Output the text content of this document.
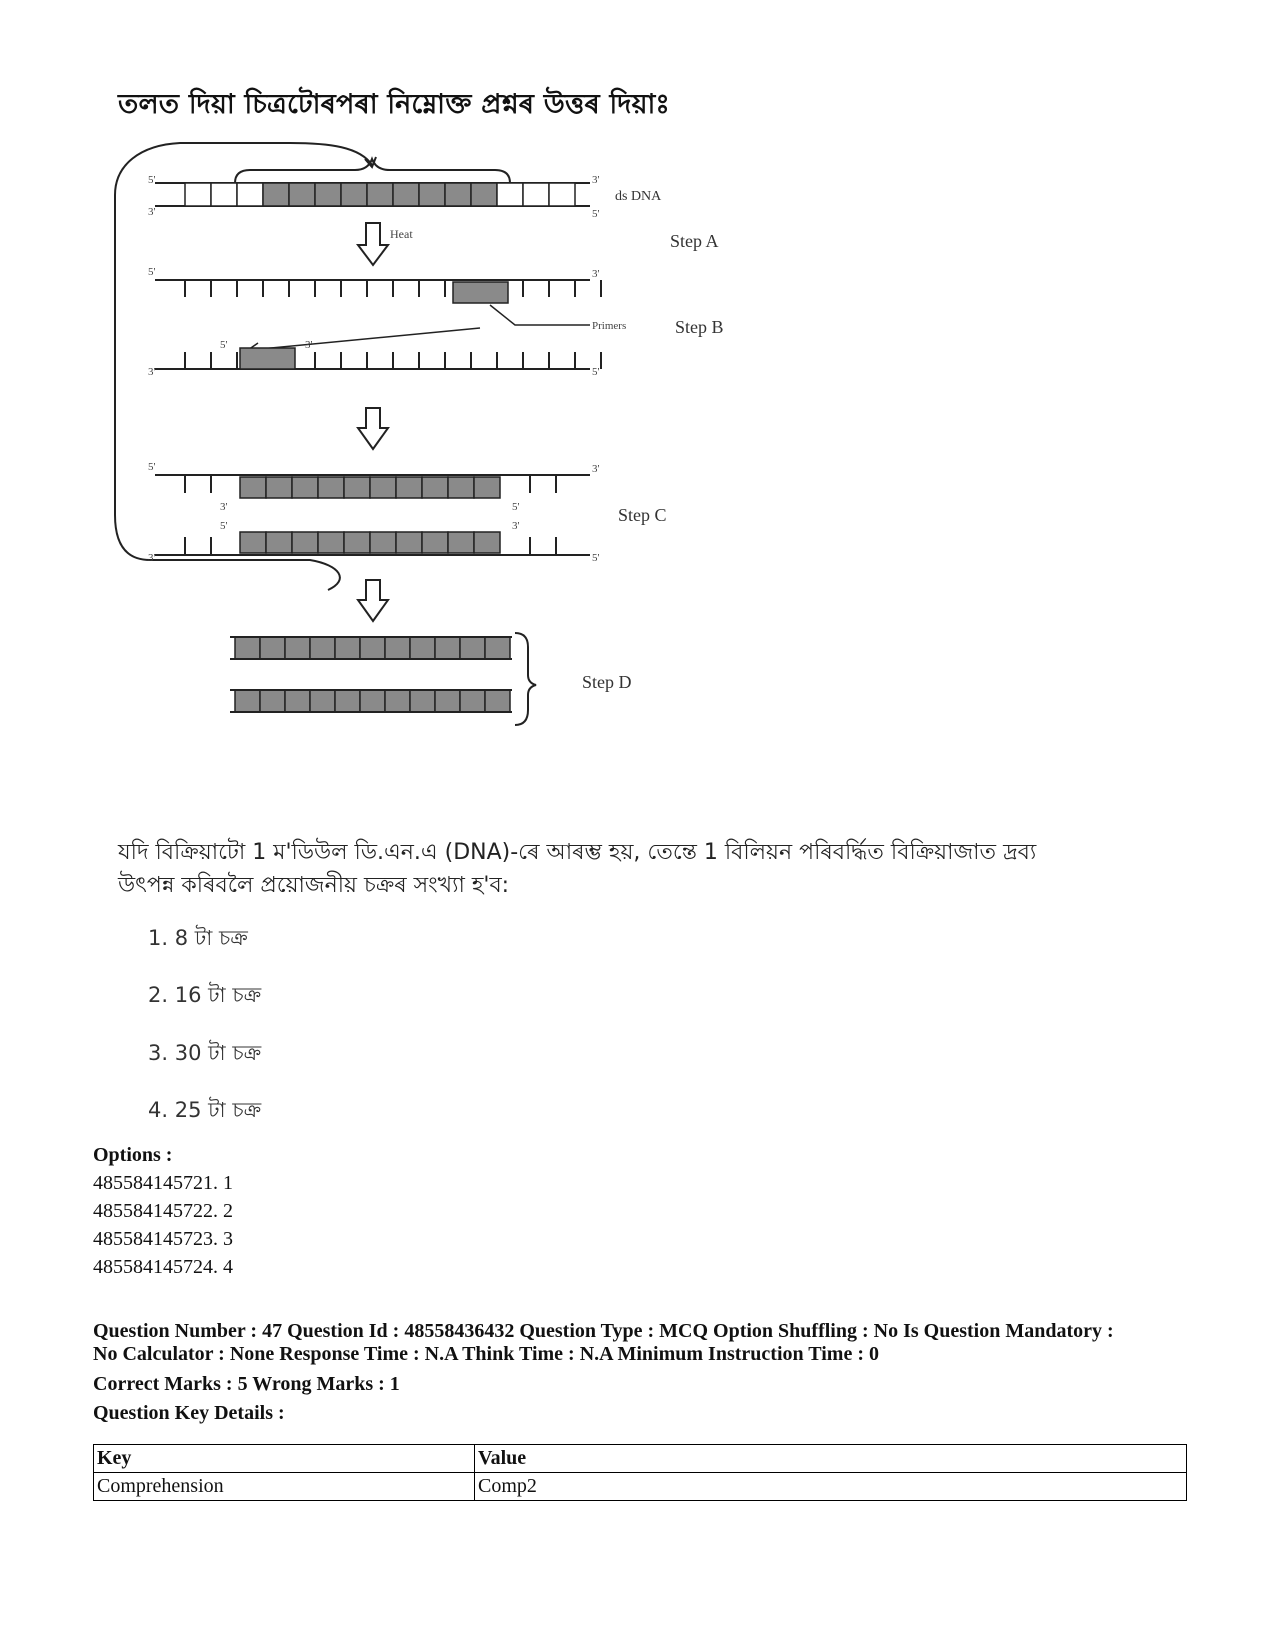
তলত দিয়া চিত্ৰটোৰপৰা নিম্নোক্ত প্ৰশ্নৰ উত্তৰ দিয়াঃ
5'
3'
3'
5'
ds DNA
Heat	Step A
5'	3'
Primers	Step B
5'	3'
3'	5'
5'	3'
3'	5'
5'	3'
3'	5'
Step C
Step D
যদি বিক্ৰিয়াটো 1 ম'ডিউল ডি.এন.এ (DNA)-ৰে আৰম্ভ হয়, তেন্তে 1 বিলিয়ন পৰিবৰ্দ্ধিত বিক্ৰিয়াজাত দ্ৰব্য
উৎপন্ন কৰিবলৈ প্ৰয়োজনীয় চক্ৰৰ সংখ্যা হ'ব:
1. 8 টা চক্ৰ
2. 16 টা চক্ৰ
3. 30 টা চক্ৰ
4. 25 টা চক্ৰ
Options :
485584145721. 1
485584145722. 2
485584145723. 3
485584145724. 4
Question Number : 47 Question Id : 48558436432 Question Type : MCQ Option Shuffling : No Is Question Mandatory :
No Calculator : None Response Time : N.A Think Time : N.A Minimum Instruction Time : 0
Correct Marks : 5 Wrong Marks : 1
Question Key Details :
Key	Value
Comprehension	Comp2
